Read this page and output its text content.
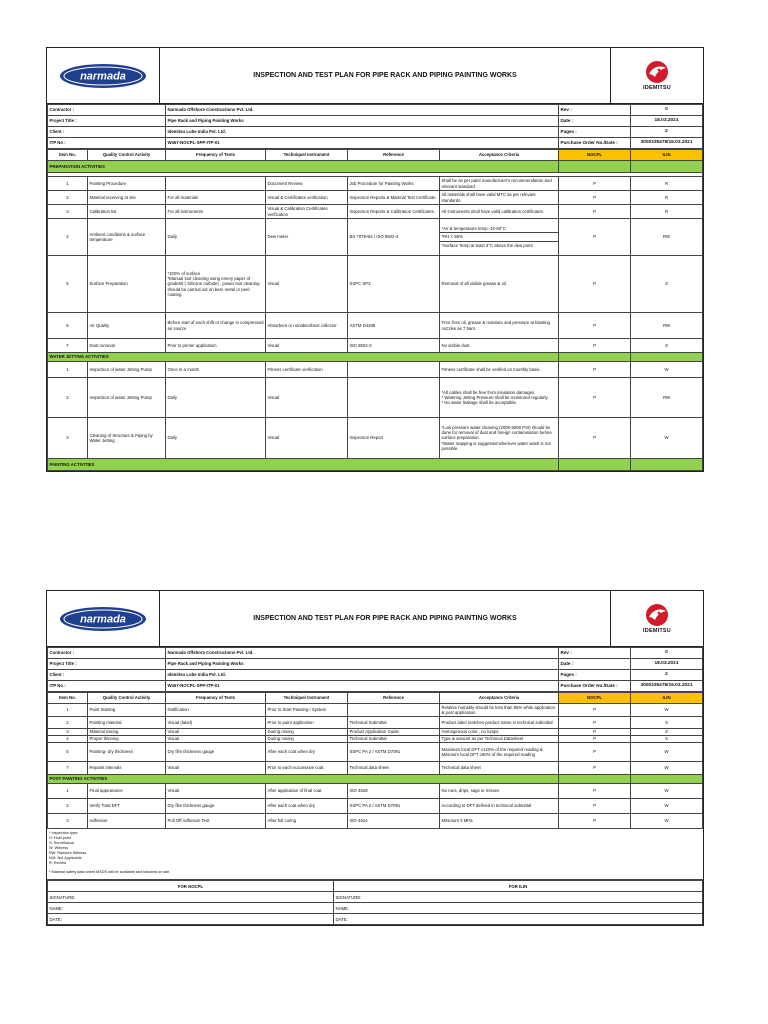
narmada	INSPECTION AND TEST PLAN FOR PIPE RACK AND PIPING PAINTING WORKS
IDEMITSU
Contractor :	Narmada Offshore Constructions Pvt. Ltd.	Rev :	0
Project Title :	Pipe Rack and Piping Painting Works	Date :	18.03.2021
Client :	Idemitsu Lube India Pvt. Ltd.	Pages :	2
ITP No :	W467-NOCPL-SPP-ITP-01	Purchase Order No./Date :	3000335478/15.03.2021
Item No.	Quality Control Activity	Frequency of Tests	Technique/ Instrument	Reference	Acceptance Criteria	NOCPL	ILIN
PREPARATION ACTIVITIES							

1	Painting Procedure		Document Review	Job Procedure for Painting Works	Shall be as per paint manufacturer's recommendation and relevant standard.	P	R
2	Material receiving at site	For all materials	Visual & Certificates verification	Inspection Reports & Material Test Certificate.	All materials shall have valid MTC as per relevant standards.	P	R
3	Calibration list	For all instruments	Visual & Calibration Certificates verification	Inspection Reports & Calibration Certificates.	All instruments shall have valid calibration certificates.	P	R
4	Ambient conditions & surface temperature	Daily	Dew meter	BS 7079-B4 / ISO 8502-4	*Air & temperature temp.-10-50°C
*RH:< 85%
*Surface Temp at least 3°C above the dew point	P	RW
5	Surface Preparation	*100% of surface
*Manual tool cleaning using emery paper of grade60 ( Silicone carbide) , power tool cleaning should be carried out on bare metal or peel coating.	Visual	SSPC SP3	Removal of all visible grease & oil.	P	S
6	Air Quality	Before start of each shift or change in compressed air source	Absorbent or nonabsorbent collector	ASTM D4285	Free from oil, grease & moisture and pressure at blasting nozzles as 7 bars.	P	RW
7	Dust removal	Prior to primer application	Visual	ISO 8502-3	No visible dust	P	S
WATER JETTING ACTIVITIES							
1	Inspection of water Jetting Pump	Once in a month	Fitness certificate verification		Fitness certificate shall be verified on monthly basis.	P	W
2	Inspection of water Jetting Pump	Daily	Visual		*All cables shall be free from insulation damages.
* Watering Jetting Pressure shall be monitored regularly.
* No water leakage shall be acceptable.	P	RW
3	Cleaning of Structure & Piping by Water Jetting	Daily	Visual	Inspection Report	*Low pressure water cleaning (2000-5000 PSI) should be done for removal of dust and foreign contamination before surface preparation.
*Water mapping is suggested wherever water wash is not possible.	P	W
PAINTING ACTIVITIES							
narmada	INSPECTION AND TEST PLAN FOR PIPE RACK AND PIPING PAINTING WORKS
IDEMITSU
Contractor :	Narmada Offshore Constructions Pvt. Ltd.	Rev :	0
Project Title :	Pipe Rack and Piping Painting Works	Date :	18.03.2021
Client :	Idemitsu Lube India Pvt. Ltd.	Pages :	2
ITP No :	W467-NOCPL-SPP-ITP-01	Purchase Order No./Date :	3000335478/15.03.2021
Item No.	Quality Control Activity	Frequency of Tests	Technique/ Instrument	Reference	Acceptance Criteria	NOCPL	ILIN
1	Paint Starting	Notification	Prior to Start Painting / System		Relative humidity should be less than 85% while application & post application.	P	W
2	Painting material	Visual (label)	Prior to paint application	Technical Submittal	Product label matches product name in technical submittal	P	S
3	Material mixing	Visual	During mixing	Product Application Guide	Homogenous color , no lumps	P	S
4	Proper thinning	Visual	During mixing	Technical Submittal	Type & amount as per Technical Datasheet	P	S
5	Painting- dry thickness	Dry film thickness gauge	After each coat when dry	SSPC PA 2 / ASTM D7091	Maximum local DFT ≤120% of the required reading & Minimum local DFT ≥80% of the required reading	P	W
7	Repaint intervals	Visual	Prior to each successive coat	Technical data sheet	Technical data sheet	P	W
POST PAINTING ACTIVITIES							
1	Final appearance	Visual	After application of final coat	ISO 4628	No runs, drips, sags or misses	P	W
2	Verify Total DFT	Dry film thickness gauge	After each coat when dry	SSPC PA 2 / ASTM D7091	According to DFT defined in technical submittal	P	W
3	Adhesion	Pull Off Adhesion Test	After full curing	ISO 4624	Minimum 3 MPa	P	W
* Inspection type:
H: Hold point
S: Surveillance
W: Witness
RW: Random Witness
N/A: Not Applicable
R: Review

* Material safety data sheet MSDS will be available and followed on site.
FOR NOCPL	FOR ILIN
SIGNATURE:	SIGNATURE:
NAME:	NAME:
DATE:	DATE:
